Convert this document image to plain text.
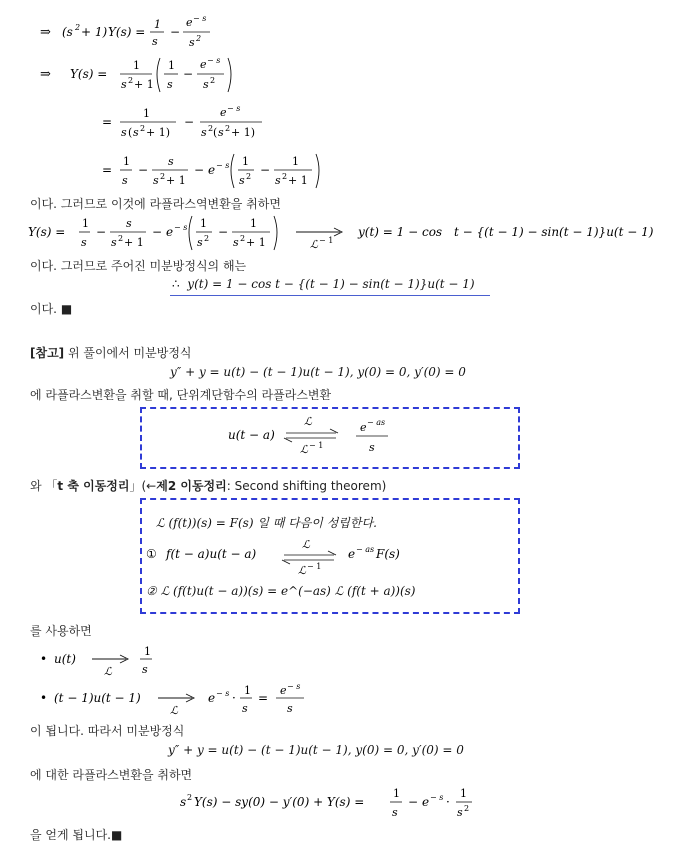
⇒ (s 2 + 1) Y(s) =
1
s
−
e − s
s 2
⇒ Y(s) =
1
s 2 + 1
1
s
−
e − s
s 2
=
1
s ( s 2 + 1)
−
e − s
s 2 ( s 2 + 1)
=
1
s
−
s
s 2 + 1
− e − s 1
s 2 −
1
s 2 + 1
이다. 그러므로 이것에 라플라스역변환을 취하면
Y(s) =
1
s
−
s
s 2 + 1
− e − s 1
s 2 −
1
s 2 + 1	ℒ − 1
y(t) = 1 − cos t − {(t − 1) − sin(t − 1)}u(t − 1)
이다. 그러므로 주어진 미분방정식의 해는
∴  y(t) = 1 − cos t − {(t − 1) − sin(t − 1)}u(t − 1)
이다. ■
[참고] 위 풀이에서 미분방정식
y″ + y = u(t) − (t − 1)u(t − 1), y(0) = 0, y′(0) = 0
에 라플라스변환을 취할 때, 단위계단함수의 라플라스변환
u(t − a)
ℒ
ℒ − 1
e − as
s
와 「t 축 이동정리」(←제2 이동정리: Second shifting theorem)
ℒ (f(t))(s) = F(s) 일 때 다음이 성립한다.
① f(t − a)u(t − a)
ℒ
ℒ − 1
e − as F(s)
② ℒ (f(t)u(t − a))(s) = e^(−as) ℒ (f(t + a))(s)
를 사용하면
• u(t)
ℒ
1
s
• (t − 1)u(t − 1)
ℒ
e − s ·
1
s
=
e − s
s
이 됩니다. 따라서 미분방정식
y″ + y = u(t) − (t − 1)u(t − 1), y(0) = 0, y′(0) = 0
에 대한 라플라스변환을 취하면
s 2 Y(s) − sy(0) − y′(0) + Y(s) =
1
s
− e − s ·
1
s 2
을 얻게 됩니다.■
